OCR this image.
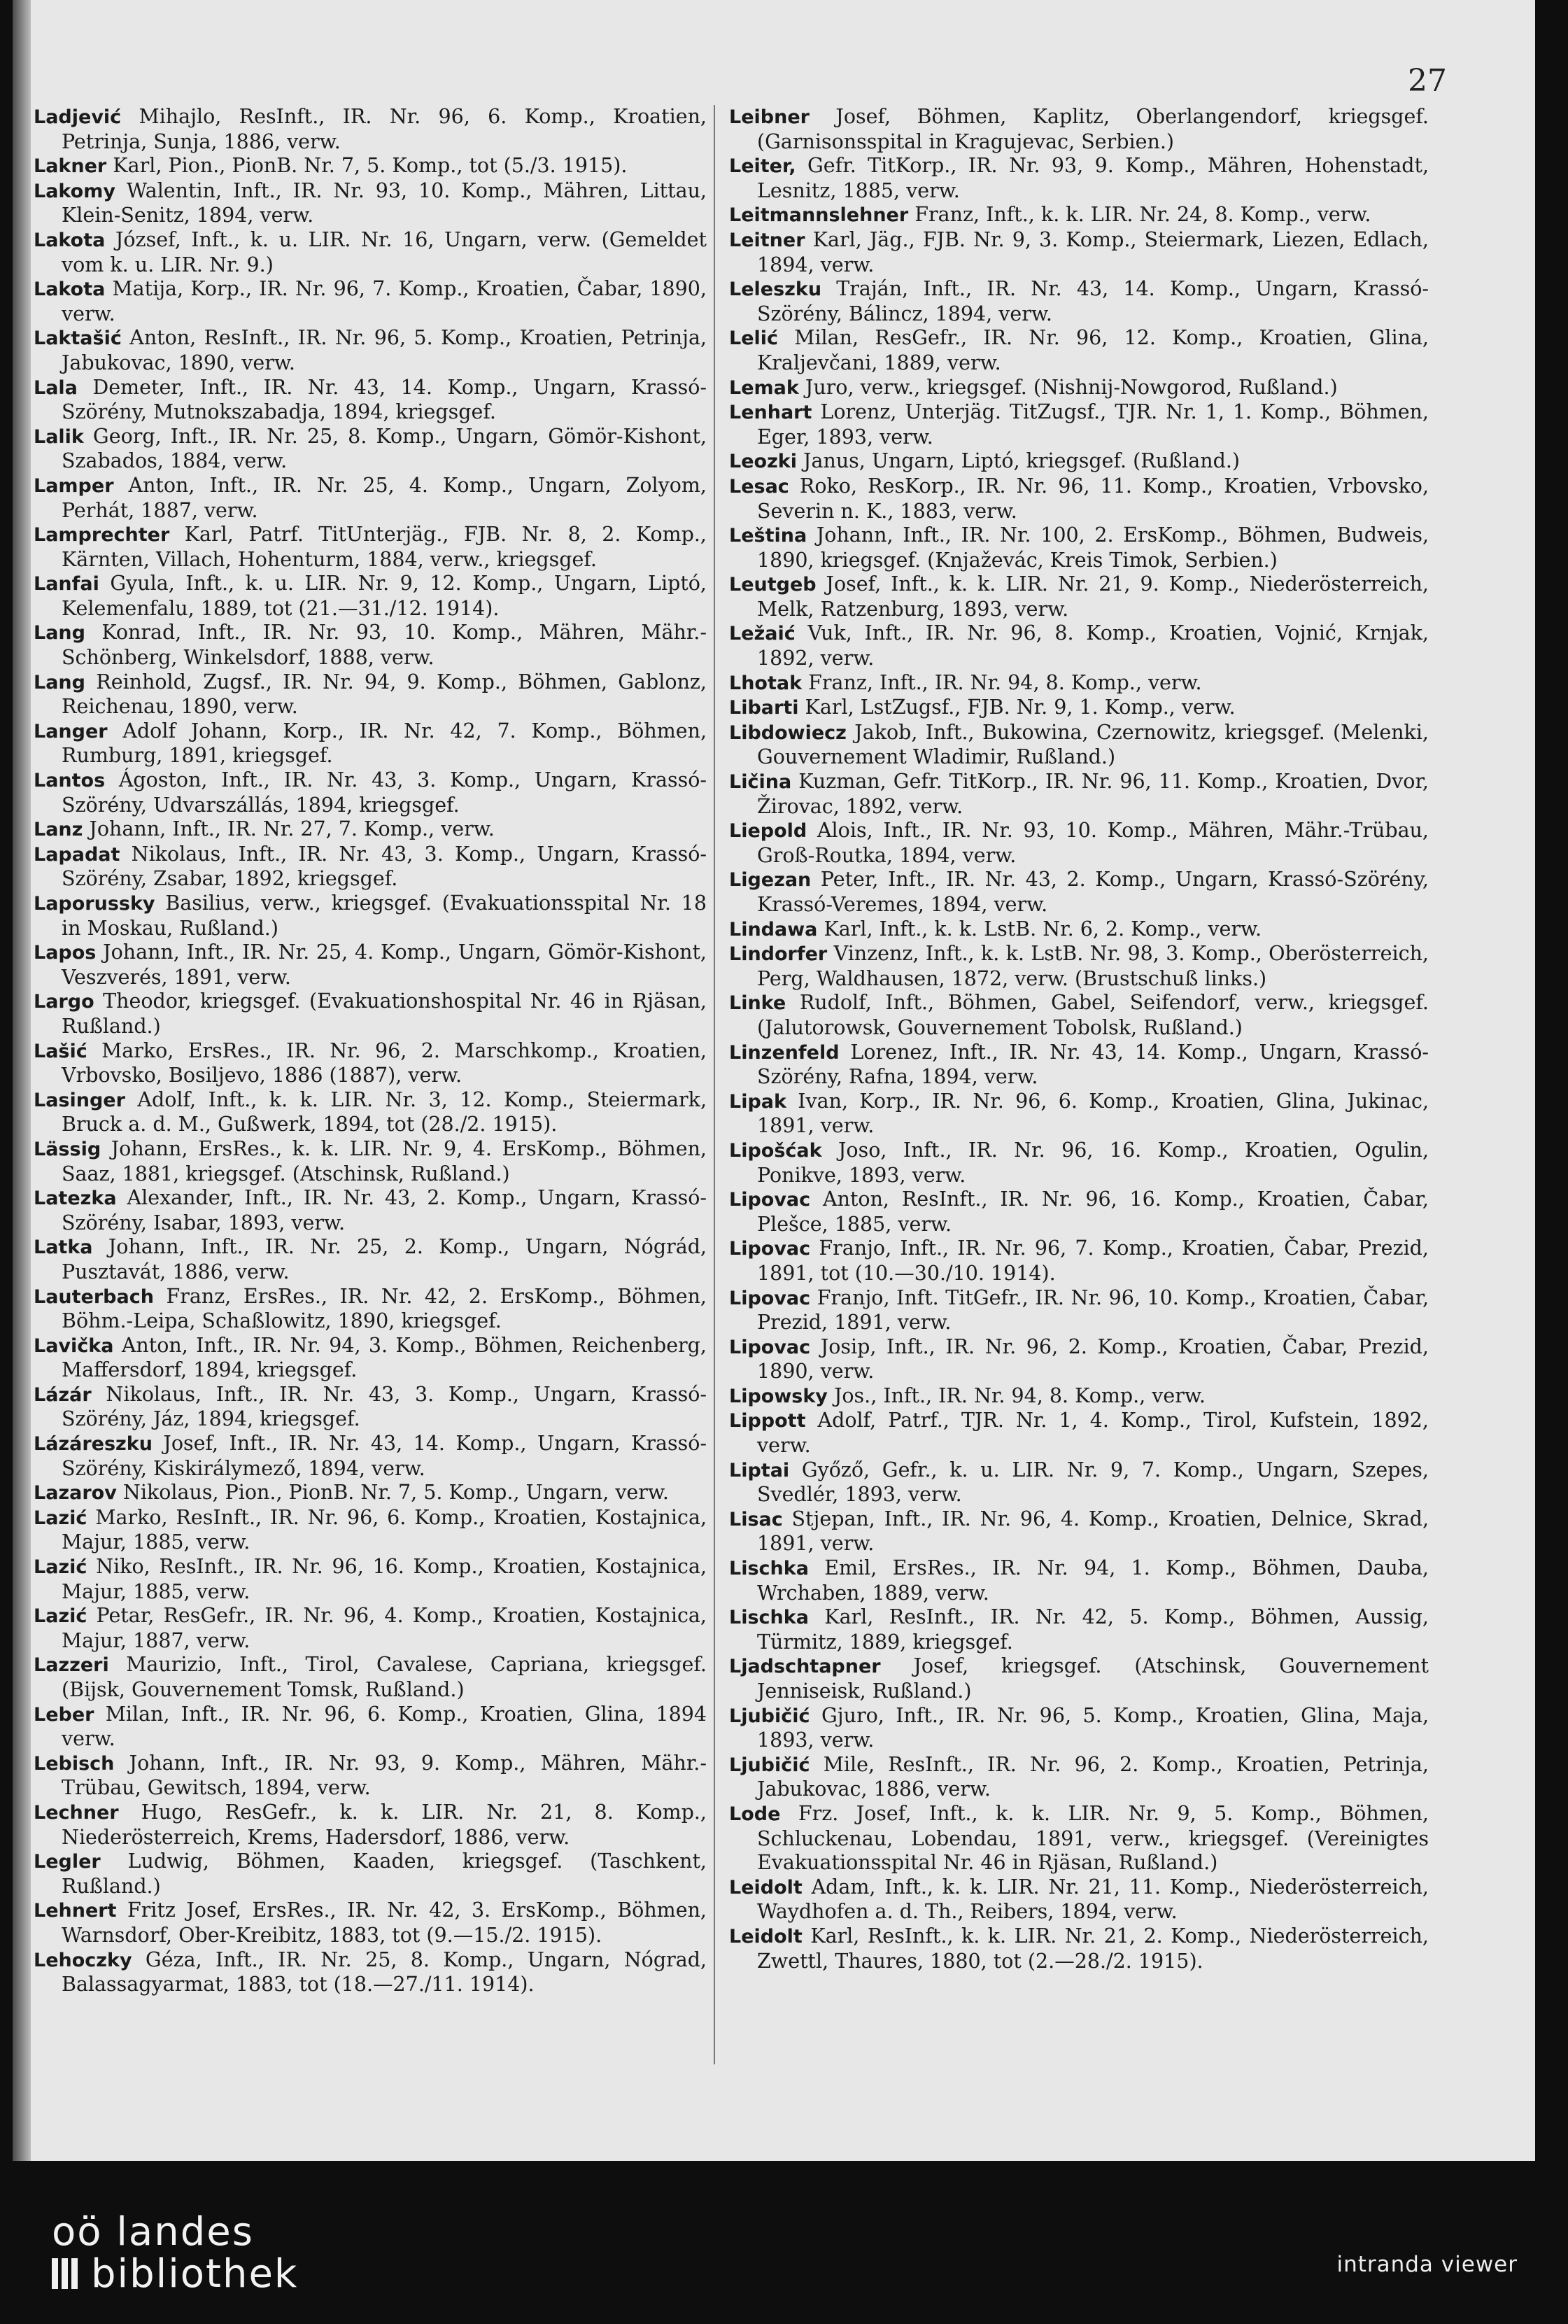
27
Ladjević Mihajlo, ResInft., IR. Nr. 96, 6. Komp., Kroatien, Petrinja, Sunja, 1886, verw.
Lakner Karl, Pion., PionB. Nr. 7, 5. Komp., tot (5./3. 1915).
Lakomy Walentin, Inft., IR. Nr. 93, 10. Komp., Mähren, Littau, Klein-Senitz, 1894, verw.
Lakota József, Inft., k. u. LIR. Nr. 16, Ungarn, verw. (Gemeldet vom k. u. LIR. Nr. 9.)
Lakota Matija, Korp., IR. Nr. 96, 7. Komp., Kroatien, Čabar, 1890, verw.
Laktašić Anton, ResInft., IR. Nr. 96, 5. Komp., Kroatien, Petrinja, Jabukovac, 1890, verw.
Lala Demeter, Inft., IR. Nr. 43, 14. Komp., Ungarn, Krassó-Szörény, Mutnokszabadja, 1894, kriegsgef.
Lalik Georg, Inft., IR. Nr. 25, 8. Komp., Ungarn, Gömör-Kishont, Szabados, 1884, verw.
Lamper Anton, Inft., IR. Nr. 25, 4. Komp., Ungarn, Zolyom, Perhát, 1887, verw.
Lamprechter Karl, Patrf. TitUnterjäg., FJB. Nr. 8, 2. Komp., Kärnten, Villach, Hohenturm, 1884, verw., kriegsgef.
Lanfai Gyula, Inft., k. u. LIR. Nr. 9, 12. Komp., Ungarn, Liptó, Kelemenfalu, 1889, tot (21.—31./12. 1914).
Lang Konrad, Inft., IR. Nr. 93, 10. Komp., Mähren, Mähr.-Schönberg, Winkelsdorf, 1888, verw.
Lang Reinhold, Zugsf., IR. Nr. 94, 9. Komp., Böhmen, Gablonz, Reichenau, 1890, verw.
Langer Adolf Johann, Korp., IR. Nr. 42, 7. Komp., Böhmen, Rumburg, 1891, kriegsgef.
Lantos Ágoston, Inft., IR. Nr. 43, 3. Komp., Ungarn, Krassó-Szörény, Udvarszállás, 1894, kriegsgef.
Lanz Johann, Inft., IR. Nr. 27, 7. Komp., verw.
Lapadat Nikolaus, Inft., IR. Nr. 43, 3. Komp., Ungarn, Krassó-Szörény, Zsabar, 1892, kriegsgef.
Laporussky Basilius, verw., kriegsgef. (Evakuationsspital Nr. 18 in Moskau, Rußland.)
Lapos Johann, Inft., IR. Nr. 25, 4. Komp., Ungarn, Gömör-Kishont, Veszverés, 1891, verw.
Largo Theodor, kriegsgef. (Evakuationshospital Nr. 46 in Rjäsan, Rußland.)
Lašić Marko, ErsRes., IR. Nr. 96, 2. Marschkomp., Kroatien, Vrbovsko, Bosiljevo, 1886 (1887), verw.
Lasinger Adolf, Inft., k. k. LIR. Nr. 3, 12. Komp., Steiermark, Bruck a. d. M., Gußwerk, 1894, tot (28./2. 1915).
Lässig Johann, ErsRes., k. k. LIR. Nr. 9, 4. ErsKomp., Böhmen, Saaz, 1881, kriegsgef. (Atschinsk, Rußland.)
Latezka Alexander, Inft., IR. Nr. 43, 2. Komp., Ungarn, Krassó-Szörény, Isabar, 1893, verw.
Latka Johann, Inft., IR. Nr. 25, 2. Komp., Ungarn, Nógrád, Pusztavát, 1886, verw.
Lauterbach Franz, ErsRes., IR. Nr. 42, 2. ErsKomp., Böhmen, Böhm.-Leipa, Schaßlowitz, 1890, kriegsgef.
Lavička Anton, Inft., IR. Nr. 94, 3. Komp., Böhmen, Reichenberg, Maffersdorf, 1894, kriegsgef.
Lázár Nikolaus, Inft., IR. Nr. 43, 3. Komp., Ungarn, Krassó-Szörény, Jáz, 1894, kriegsgef.
Lázáreszku Josef, Inft., IR. Nr. 43, 14. Komp., Ungarn, Krassó-Szörény, Kiskirálymező, 1894, verw.
Lazarov Nikolaus, Pion., PionB. Nr. 7, 5. Komp., Ungarn, verw.
Lazić Marko, ResInft., IR. Nr. 96, 6. Komp., Kroatien, Kostajnica, Majur, 1885, verw.
Lazić Niko, ResInft., IR. Nr. 96, 16. Komp., Kroatien, Kostajnica, Majur, 1885, verw.
Lazić Petar, ResGefr., IR. Nr. 96, 4. Komp., Kroatien, Kostajnica, Majur, 1887, verw.
Lazzeri Maurizio, Inft., Tirol, Cavalese, Capriana, kriegsgef. (Bijsk, Gouvernement Tomsk, Rußland.)
Leber Milan, Inft., IR. Nr. 96, 6. Komp., Kroatien, Glina, 1894 verw.
Lebisch Johann, Inft., IR. Nr. 93, 9. Komp., Mähren, Mähr.-Trübau, Gewitsch, 1894, verw.
Lechner Hugo, ResGefr., k. k. LIR. Nr. 21, 8. Komp., Niederösterreich, Krems, Hadersdorf, 1886, verw.
Legler Ludwig, Böhmen, Kaaden, kriegsgef. (Taschkent, Rußland.)
Lehnert Fritz Josef, ErsRes., IR. Nr. 42, 3. ErsKomp., Böhmen, Warnsdorf, Ober-Kreibitz, 1883, tot (9.—15./2. 1915).
Lehoczky Géza, Inft., IR. Nr. 25, 8. Komp., Ungarn, Nógrad, Balassagyarmat, 1883, tot (18.—27./11. 1914).
Leibner Josef, Böhmen, Kaplitz, Oberlangendorf, kriegsgef. (Garnisonsspital in Kragujevac, Serbien.)
Leiter, Gefr. TitKorp., IR. Nr. 93, 9. Komp., Mähren, Hohenstadt, Lesnitz, 1885, verw.
Leitmannslehner Franz, Inft., k. k. LIR. Nr. 24, 8. Komp., verw.
Leitner Karl, Jäg., FJB. Nr. 9, 3. Komp., Steiermark, Liezen, Edlach, 1894, verw.
Leleszku Traján, Inft., IR. Nr. 43, 14. Komp., Ungarn, Krassó-Szörény, Bálincz, 1894, verw.
Lelić Milan, ResGefr., IR. Nr. 96, 12. Komp., Kroatien, Glina, Kraljevčani, 1889, verw.
Lemak Juro, verw., kriegsgef. (Nishnij-Nowgorod, Rußland.)
Lenhart Lorenz, Unterjäg. TitZugsf., TJR. Nr. 1, 1. Komp., Böhmen, Eger, 1893, verw.
Leozki Janus, Ungarn, Liptó, kriegsgef. (Rußland.)
Lesac Roko, ResKorp., IR. Nr. 96, 11. Komp., Kroatien, Vrbovsko, Severin n. K., 1883, verw.
Leština Johann, Inft., IR. Nr. 100, 2. ErsKomp., Böhmen, Budweis, 1890, kriegsgef. (Knjaževác, Kreis Timok, Serbien.)
Leutgeb Josef, Inft., k. k. LIR. Nr. 21, 9. Komp., Niederösterreich, Melk, Ratzenburg, 1893, verw.
Ležaić Vuk, Inft., IR. Nr. 96, 8. Komp., Kroatien, Vojnić, Krnjak, 1892, verw.
Lhotak Franz, Inft., IR. Nr. 94, 8. Komp., verw.
Libarti Karl, LstZugsf., FJB. Nr. 9, 1. Komp., verw.
Libdowiecz Jakob, Inft., Bukowina, Czernowitz, kriegsgef. (Melenki, Gouvernement Wladimir, Rußland.)
Ličina Kuzman, Gefr. TitKorp., IR. Nr. 96, 11. Komp., Kroatien, Dvor, Žirovac, 1892, verw.
Liepold Alois, Inft., IR. Nr. 93, 10. Komp., Mähren, Mähr.-Trübau, Groß-Routka, 1894, verw.
Ligezan Peter, Inft., IR. Nr. 43, 2. Komp., Ungarn, Krassó-Szörény, Krassó-Veremes, 1894, verw.
Lindawa Karl, Inft., k. k. LstB. Nr. 6, 2. Komp., verw.
Lindorfer Vinzenz, Inft., k. k. LstB. Nr. 98, 3. Komp., Oberösterreich, Perg, Waldhausen, 1872, verw. (Brustschuß links.)
Linke Rudolf, Inft., Böhmen, Gabel, Seifendorf, verw., kriegsgef. (Jalutorowsk, Gouvernement Tobolsk, Rußland.)
Linzenfeld Lorenez, Inft., IR. Nr. 43, 14. Komp., Ungarn, Krassó-Szörény, Rafna, 1894, verw.
Lipak Ivan, Korp., IR. Nr. 96, 6. Komp., Kroatien, Glina, Jukinac, 1891, verw.
Lipošćak Joso, Inft., IR. Nr. 96, 16. Komp., Kroatien, Ogulin, Ponikve, 1893, verw.
Lipovac Anton, ResInft., IR. Nr. 96, 16. Komp., Kroatien, Čabar, Plešce, 1885, verw.
Lipovac Franjo, Inft., IR. Nr. 96, 7. Komp., Kroatien, Čabar, Prezid, 1891, tot (10.—30./10. 1914).
Lipovac Franjo, Inft. TitGefr., IR. Nr. 96, 10. Komp., Kroatien, Čabar, Prezid, 1891, verw.
Lipovac Josip, Inft., IR. Nr. 96, 2. Komp., Kroatien, Čabar, Prezid, 1890, verw.
Lipowsky Jos., Inft., IR. Nr. 94, 8. Komp., verw.
Lippott Adolf, Patrf., TJR. Nr. 1, 4. Komp., Tirol, Kufstein, 1892, verw.
Liptai Győző, Gefr., k. u. LIR. Nr. 9, 7. Komp., Ungarn, Szepes, Svedlér, 1893, verw.
Lisac Stjepan, Inft., IR. Nr. 96, 4. Komp., Kroatien, Delnice, Skrad, 1891, verw.
Lischka Emil, ErsRes., IR. Nr. 94, 1. Komp., Böhmen, Dauba, Wrchaben, 1889, verw.
Lischka Karl, ResInft., IR. Nr. 42, 5. Komp., Böhmen, Aussig, Türmitz, 1889, kriegsgef.
Ljadschtapner Josef, kriegsgef. (Atschinsk, Gouvernement Jenniseisk, Rußland.)
Ljubičić Gjuro, Inft., IR. Nr. 96, 5. Komp., Kroatien, Glina, Maja, 1893, verw.
Ljubičić Mile, ResInft., IR. Nr. 96, 2. Komp., Kroatien, Petrinja, Jabukovac, 1886, verw.
Lode Frz. Josef, Inft., k. k. LIR. Nr. 9, 5. Komp., Böhmen, Schluckenau, Lobendau, 1891, verw., kriegsgef. (Vereinigtes Evakuationsspital Nr. 46 in Rjäsan, Rußland.)
Leidolt Adam, Inft., k. k. LIR. Nr. 21, 11. Komp., Niederösterreich, Waydhofen a. d. Th., Reibers, 1894, verw.
Leidolt Karl, ResInft., k. k. LIR. Nr. 21, 2. Komp., Niederösterreich, Zwettl, Thaures, 1880, tot (2.—28./2. 1915).
oö landes
bibliothek	intranda viewer
